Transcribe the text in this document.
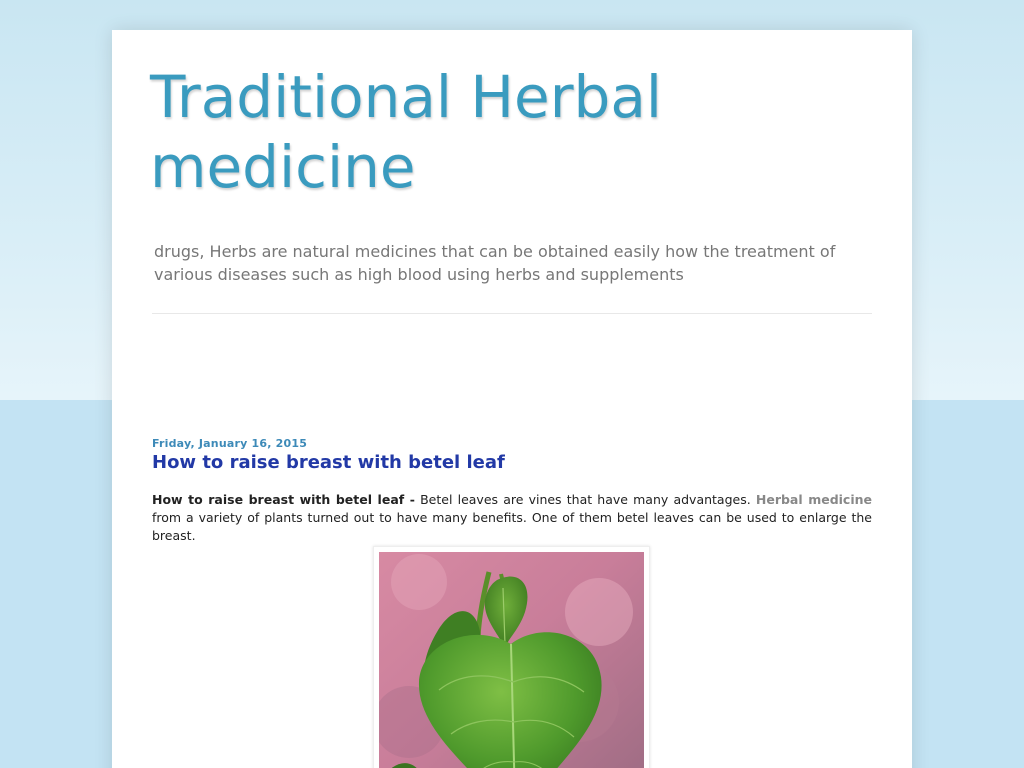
Traditional Herbal medicine

drugs, Herbs are natural medicines that can be obtained easily how the treatment of various diseases such as high blood using herbs and supplements

Friday, January 16, 2015
How to raise breast with betel leaf

How to raise breast with betel leaf - Betel leaves are vines that have many advantages. Herbal medicine from a variety of plants turned out to have many benefits. One of them betel leaves can be used to enlarge the breast.
